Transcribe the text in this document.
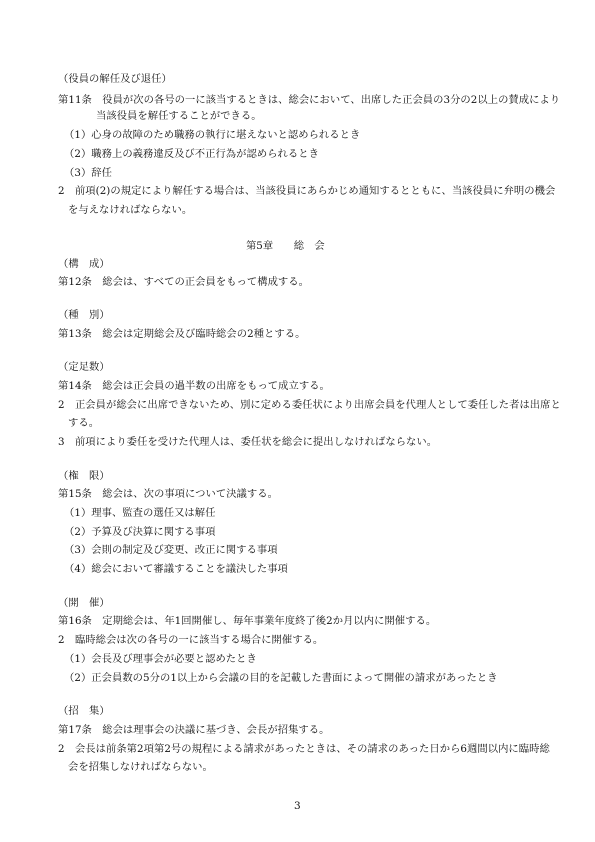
（役員の解任及び退任）
第11条　役員が次の各号の一に該当するときは、総会において、出席した正会員の3分の2以上の賛成により
当該役員を解任することができる。
（1）心身の故障のため職務の執行に堪えないと認められるとき
（2）職務上の義務違反及び不正行為が認められるとき
（3）辞任
2　前項(2)の規定により解任する場合は、当該役員にあらかじめ通知するとともに、当該役員に弁明の機会
を与えなければならない。
第5章　　総　会
（構　成）
第12条　総会は、すべての正会員をもって構成する。
（種　別）
第13条　総会は定期総会及び臨時総会の2種とする。
（定足数）
第14条　総会は正会員の過半数の出席をもって成立する。
2　正会員が総会に出席できないため、別に定める委任状により出席会員を代理人として委任した者は出席と
する。
3　前項により委任を受けた代理人は、委任状を総会に提出しなければならない。
（権　限）
第15条　総会は、次の事項について決議する。
（1）理事、監査の選任又は解任
（2）予算及び決算に関する事項
（3）会則の制定及び変更、改正に関する事項
（4）総会において審議することを議決した事項
（開　催）
第16条　定期総会は、年1回開催し、毎年事業年度終了後2か月以内に開催する。
2　臨時総会は次の各号の一に該当する場合に開催する。
（1）会長及び理事会が必要と認めたとき
（2）正会員数の5分の1以上から会議の目的を記載した書面によって開催の請求があったとき
（招　集）
第17条　総会は理事会の決議に基づき、会長が招集する。
2　会長は前条第2項第2号の規程による請求があったときは、その請求のあった日から6週間以内に臨時総
会を招集しなければならない。
3
